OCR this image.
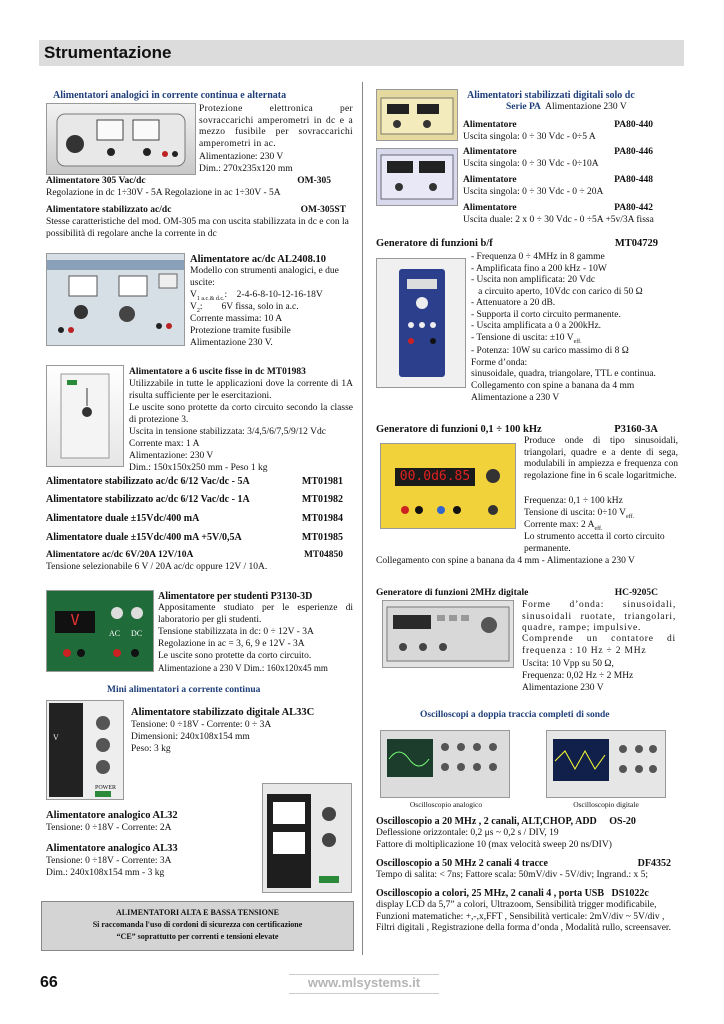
Strumentazione
Alimentatori analogici in corrente continua e alternata
Protezione elettronica per sovraccarichi amperometri in dc e a mezzo fusibile per sovraccarichi amperometri in ac.
Alimentazione: 230 V
Dim.: 270x235x120 mm
Alimentatore 305 Vac/dc	OM-305
Regolazione in dc 1÷30V - 5A Regolazione in ac 1÷30V - 5A
Alimentatore stabilizzato ac/dc	OM-305ST
Stesse caratteristiche del mod. OM-305 ma con uscita stabilizzata in dc e con la possibilità di regolare anche la corrente in dc
Alimentatore ac/dc AL2408.10
Modello con strumenti analogici, e due uscite:
$V_{1 a.c.\& d.c.}$:    2-4-6-8-10-12-16-18V
$V_2$:        6V fissa, solo in a.c.
Corrente massima: 10 A
Protezione tramite fusibile
Alimentazione 230 V.
Alimentatore a 6 uscite fisse in dc MT01983
Utilizzabile in tutte le applicazioni dove la corrente di 1A risulta sufficiente per le esercitazioni.
Le uscite sono protette da corto circuito secondo la classe di protezione 3.
Uscita in tensione stabilizzata: 3/4,5/6/7,5/9/12 Vdc
Corrente max: 1 A
Alimentazione: 230 V
Dim.: 150x150x250 mm - Peso 1 kg
Alimentatore stabilizzato ac/dc 6/12 Vac/dc - 5A	MT01981
Alimentatore stabilizzato ac/dc 6/12 Vac/dc - 1A	MT01982
Alimentatore duale ±15Vdc/400 mA	MT01984
Alimentatore duale ±15Vdc/400 mA +5V/0,5A	MT01985
Alimentatore ac/dc 6V/20A 12V/10A	MT04850
Tensione selezionabile 6 V / 20A ac/dc oppure 12V / 10A.
V
AC DC
Alimentatore per studenti P3130-3D
Appositamente studiato per le esperienze di laboratorio per gli studenti.
Tensione stabilizzata in dc: 0 ÷ 12V - 3A
Regolazione in ac = 3, 6, 9 e 12V - 3A
Le uscite sono protette da corto circuito.
Alimentazione a 230 V Dim.: 160x120x45 mm
Mini alimentatori a corrente continua
V
POWER
Alimentatore stabilizzato digitale AL33C
Tensione: 0 ÷18V - Corrente: 0 ÷ 3A
Dimensioni: 240x108x154 mm
Peso: 3 kg
Alimentatore analogico AL32
Tensione: 0 ÷18V - Corrente: 2A
Alimentatore analogico AL33
Tensione: 0 ÷18V - Corrente: 3A
Dim.: 240x108x154 mm - 3 kg
ALIMENTATORI ALTA E BASSA TENSIONE
Si raccomanda l'uso di cordoni di sicurezza con certificazione
“CE” soprattutto per correnti e tensioni elevate
Alimentatori stabilizzati digitali solo dc
Serie PA  Alimentazione 230 V
Alimentatore	PA80-440
Uscita singola: 0 ÷ 30 Vdc - 0÷5 A
Alimentatore	PA80-446
Uscita singola: 0 ÷ 30 Vdc - 0÷10A
Alimentatore	PA80-448
Uscita singola: 0 ÷ 30 Vdc - 0 ÷ 20A
Alimentatore	PA80-442
Uscita duale: 2 x 0 ÷ 30 Vdc - 0 ÷5A +5v/3A fissa
Generatore di funzioni b/f	MT04729
- Frequenza 0 ÷ 4MHz in 8 gamme
- Amplificata fino a 200 kHz - 10W
- Uscita non amplificata: 20 Vdc
a circuito aperto, 10Vdc con carico di 50 Ω
- Attenuatore a 20 dB.
- Supporta il corto circuito permanente.
- Uscita amplificata a 0 a 200kHz.
- Tensione di uscita: ±10 $V_{eff.}$
- Potenza: 10W su carico massimo di 8 Ω
Forme d’onda:
sinusoidale, quadra, triangolare, TTL e continua.
Collegamento con spine a banana da 4 mm
Alimentazione a 230 V
Generatore di funzioni 0,1 ÷ 100 kHz	P3160-3A
00.0d6.85
Produce onde di tipo sinusoidali, triangolari, quadre e a dente di sega, modulabili in ampiezza e frequenza con regolazione fine in 6 scale logaritmiche.
Frequenza: 0,1 ÷ 100 kHz
Tensione di uscita: 0÷10 $V_{eff.}$
Corrente max: 2 $A_{eff.}$
Lo strumento accetta il corto circuito permanente.
Collegamento con spine a banana da 4 mm - Alimentazione a 230 V
Generatore di funzioni 2MHz digitale	HC-9205C
Forme d’onda: sinusoidali, sinusoidali ruotate, triangolari, quadre, rampe; impulsive.
Comprende un contatore di frequenza : 10 Hz ÷ 2 MHz
Uscita: 10 Vpp su 50 Ω,
Frequenza: 0,02 Hz ÷ 2 MHz
Alimentazione 230 V
Oscilloscopi a doppia traccia completi di sonde
Oscilloscopio analogico	Oscilloscopio digitale
Oscilloscopio a 20 MHz , 2 canali, ALT,CHOP, ADD     OS-20
Deflessione orizzontale: 0,2 μs ~ 0,2 s / DIV, 19
Fattore di moltiplicazione 10 (max velocità sweep 20 ns/DIV)
Oscilloscopio a 50 MHz 2 canali 4 tracce	DF4352
Tempo di salita: < 7ns; Fattore scala: 50mV/div - 5V/div; Ingrand.: x 5;
Oscilloscopio a colori, 25 MHz, 2 canali 4 , porta USB   DS1022c
display LCD da 5,7” a colori, Ultrazoom, Sensibilità trigger modificabile, Funzioni matematiche: +,-,x,FFT , Sensibilità verticale: 2mV/div ~ 5V/div , Filtri digitali , Registrazione della forma d’onda , Modalità rullo, screensaver.
66	www.mlsystems.it
